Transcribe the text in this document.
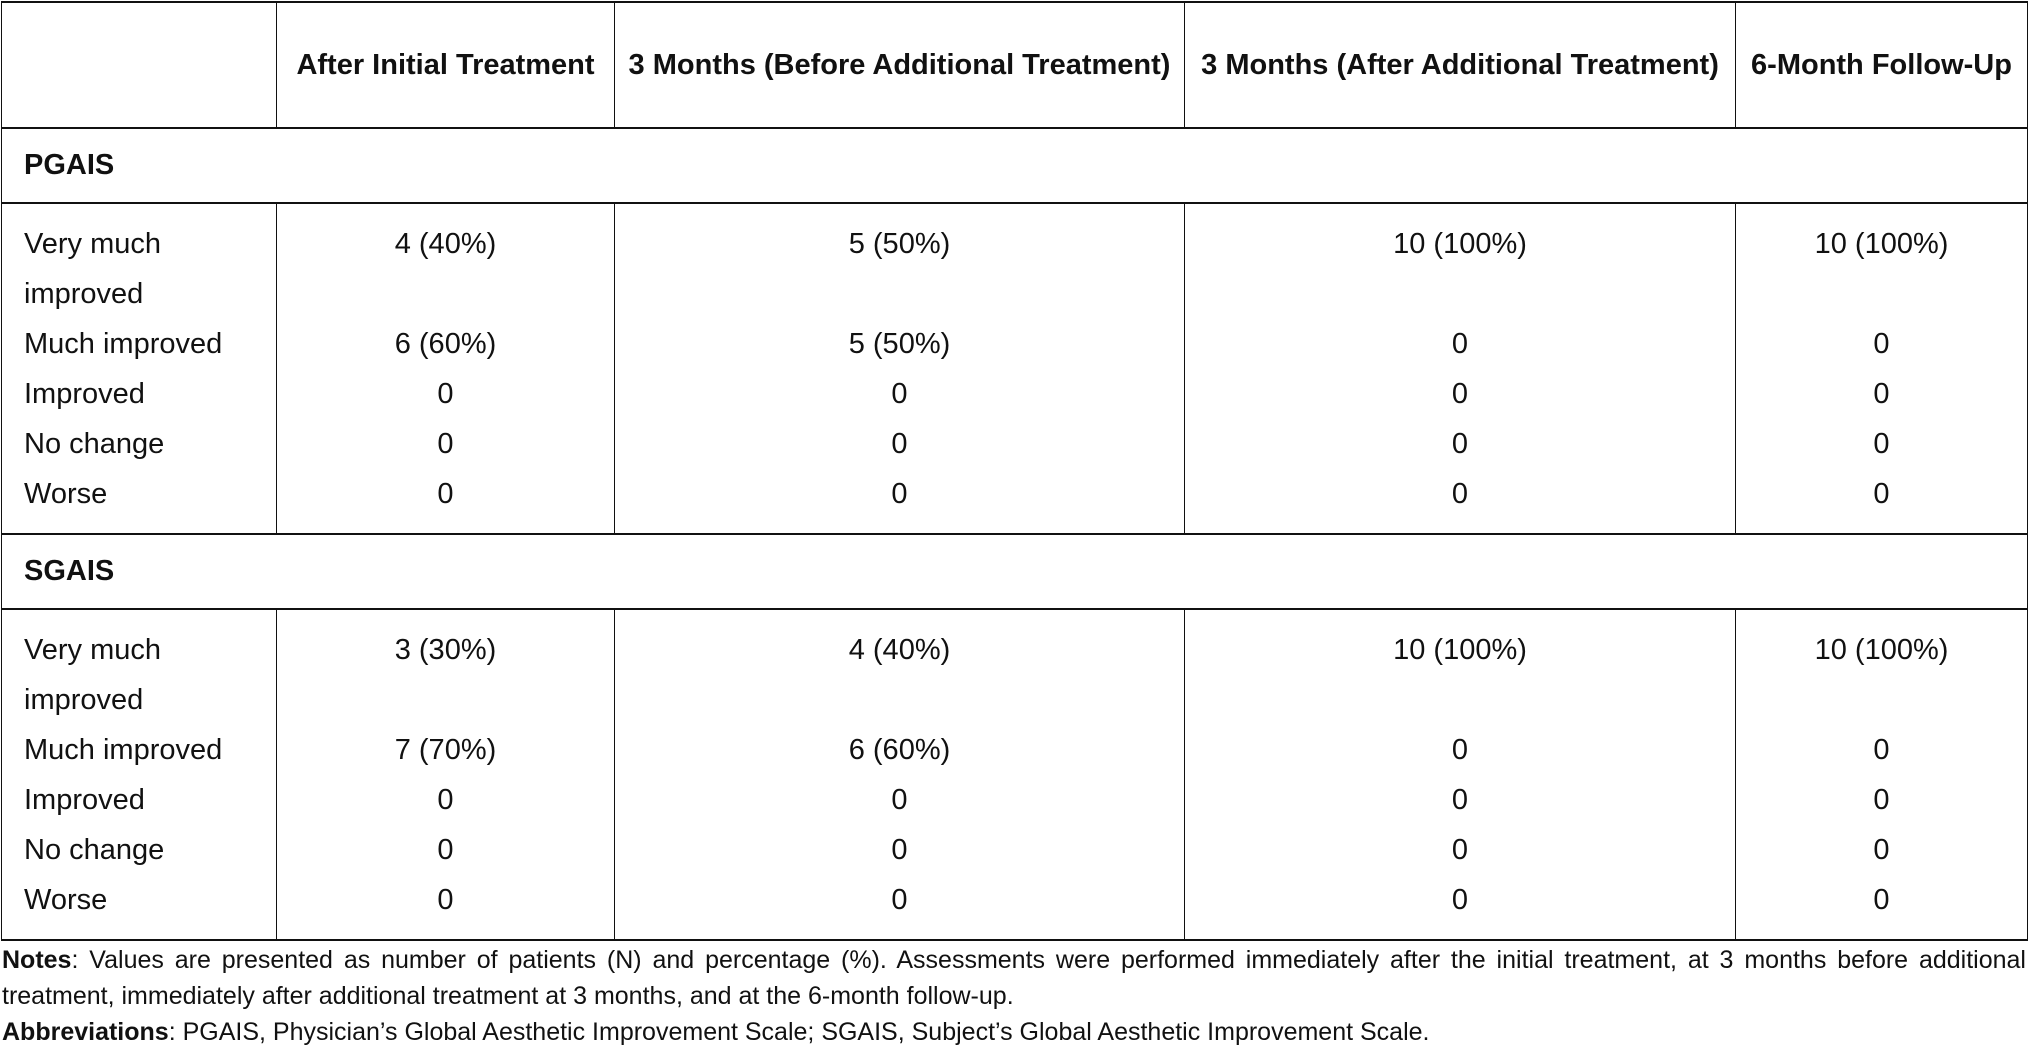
	After Initial Treatment	3 Months (Before Additional Treatment)	3 Months (After Additional Treatment)	6-Month Follow-Up
PGAIS				
Very much improved	4 (40%)	5 (50%)	10 (100%)	10 (100%)
Much improved	6 (60%)	5 (50%)	0	0
Improved	0	0	0	0
No change	0	0	0	0
Worse	0	0	0	0
SGAIS				
Very much improved	3 (30%)	4 (40%)	10 (100%)	10 (100%)
Much improved	7 (70%)	6 (60%)	0	0
Improved	0	0	0	0
No change	0	0	0	0
Worse	0	0	0	0

Notes: Values are presented as number of patients (N) and percentage (%). Assessments were performed immediately after the initial treatment, at 3 months before additional treatment, immediately after additional treatment at 3 months, and at the 6-month follow-up.

Abbreviations: PGAIS, Physician’s Global Aesthetic Improvement Scale; SGAIS, Subject’s Global Aesthetic Improvement Scale.
